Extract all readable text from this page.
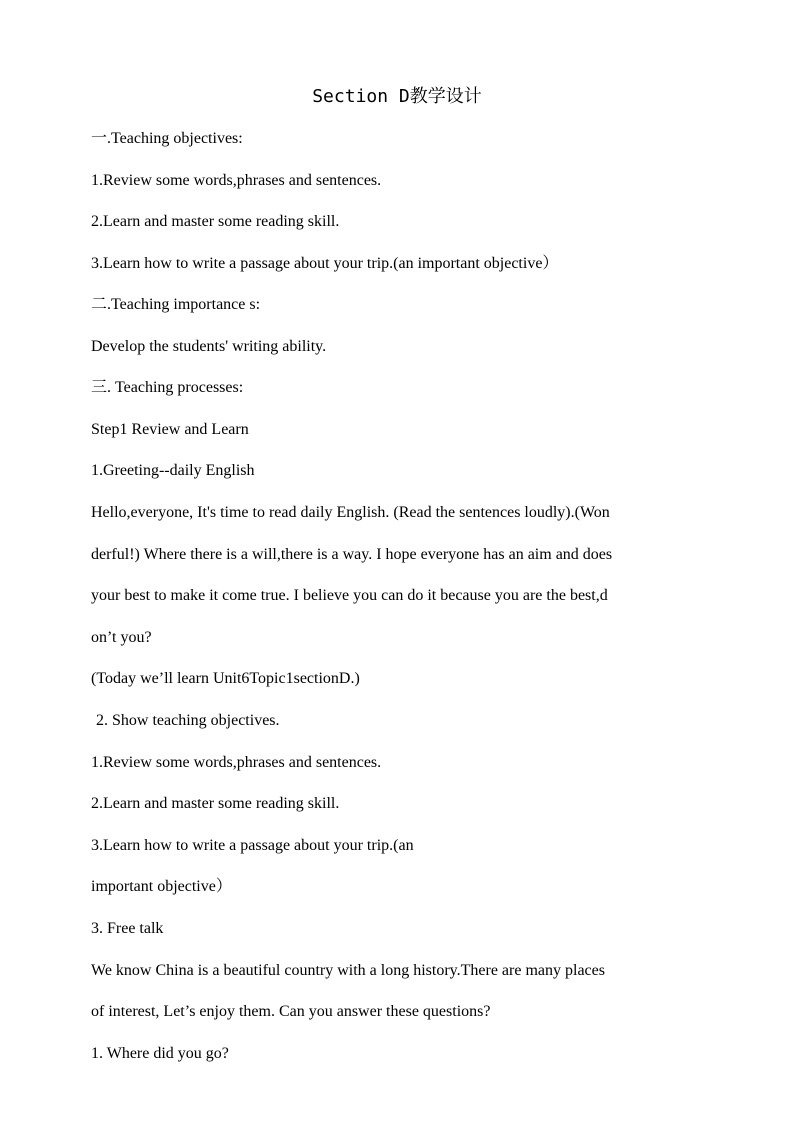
Section D教学设计
一.Teaching objectives:
1.Review some words,phrases and sentences.
2.Learn and master some reading skill.
3.Learn how to write a passage about your trip.(an important objective）
二.Teaching importance s:
Develop the students' writing ability.
三. Teaching processes:
Step1 Review and Learn
1.Greeting--daily English
Hello,everyone, It's time to read daily English. (Read the sentences loudly).(Won
derful!) Where there is a will,there is a way. I hope everyone has an aim and does
your best to make it come true. I believe you can do it because you are the best,d
on’t you?
(Today we’ll learn Unit6Topic1sectionD.)
2. Show teaching objectives.
1.Review some words,phrases and sentences.
2.Learn and master some reading skill.
3.Learn how to write a passage about your trip.(an
important objective）
3. Free talk
We know China is a beautiful country with a long history.There are many places
of interest, Let’s enjoy them. Can you answer these questions?
1. Where did you go?
